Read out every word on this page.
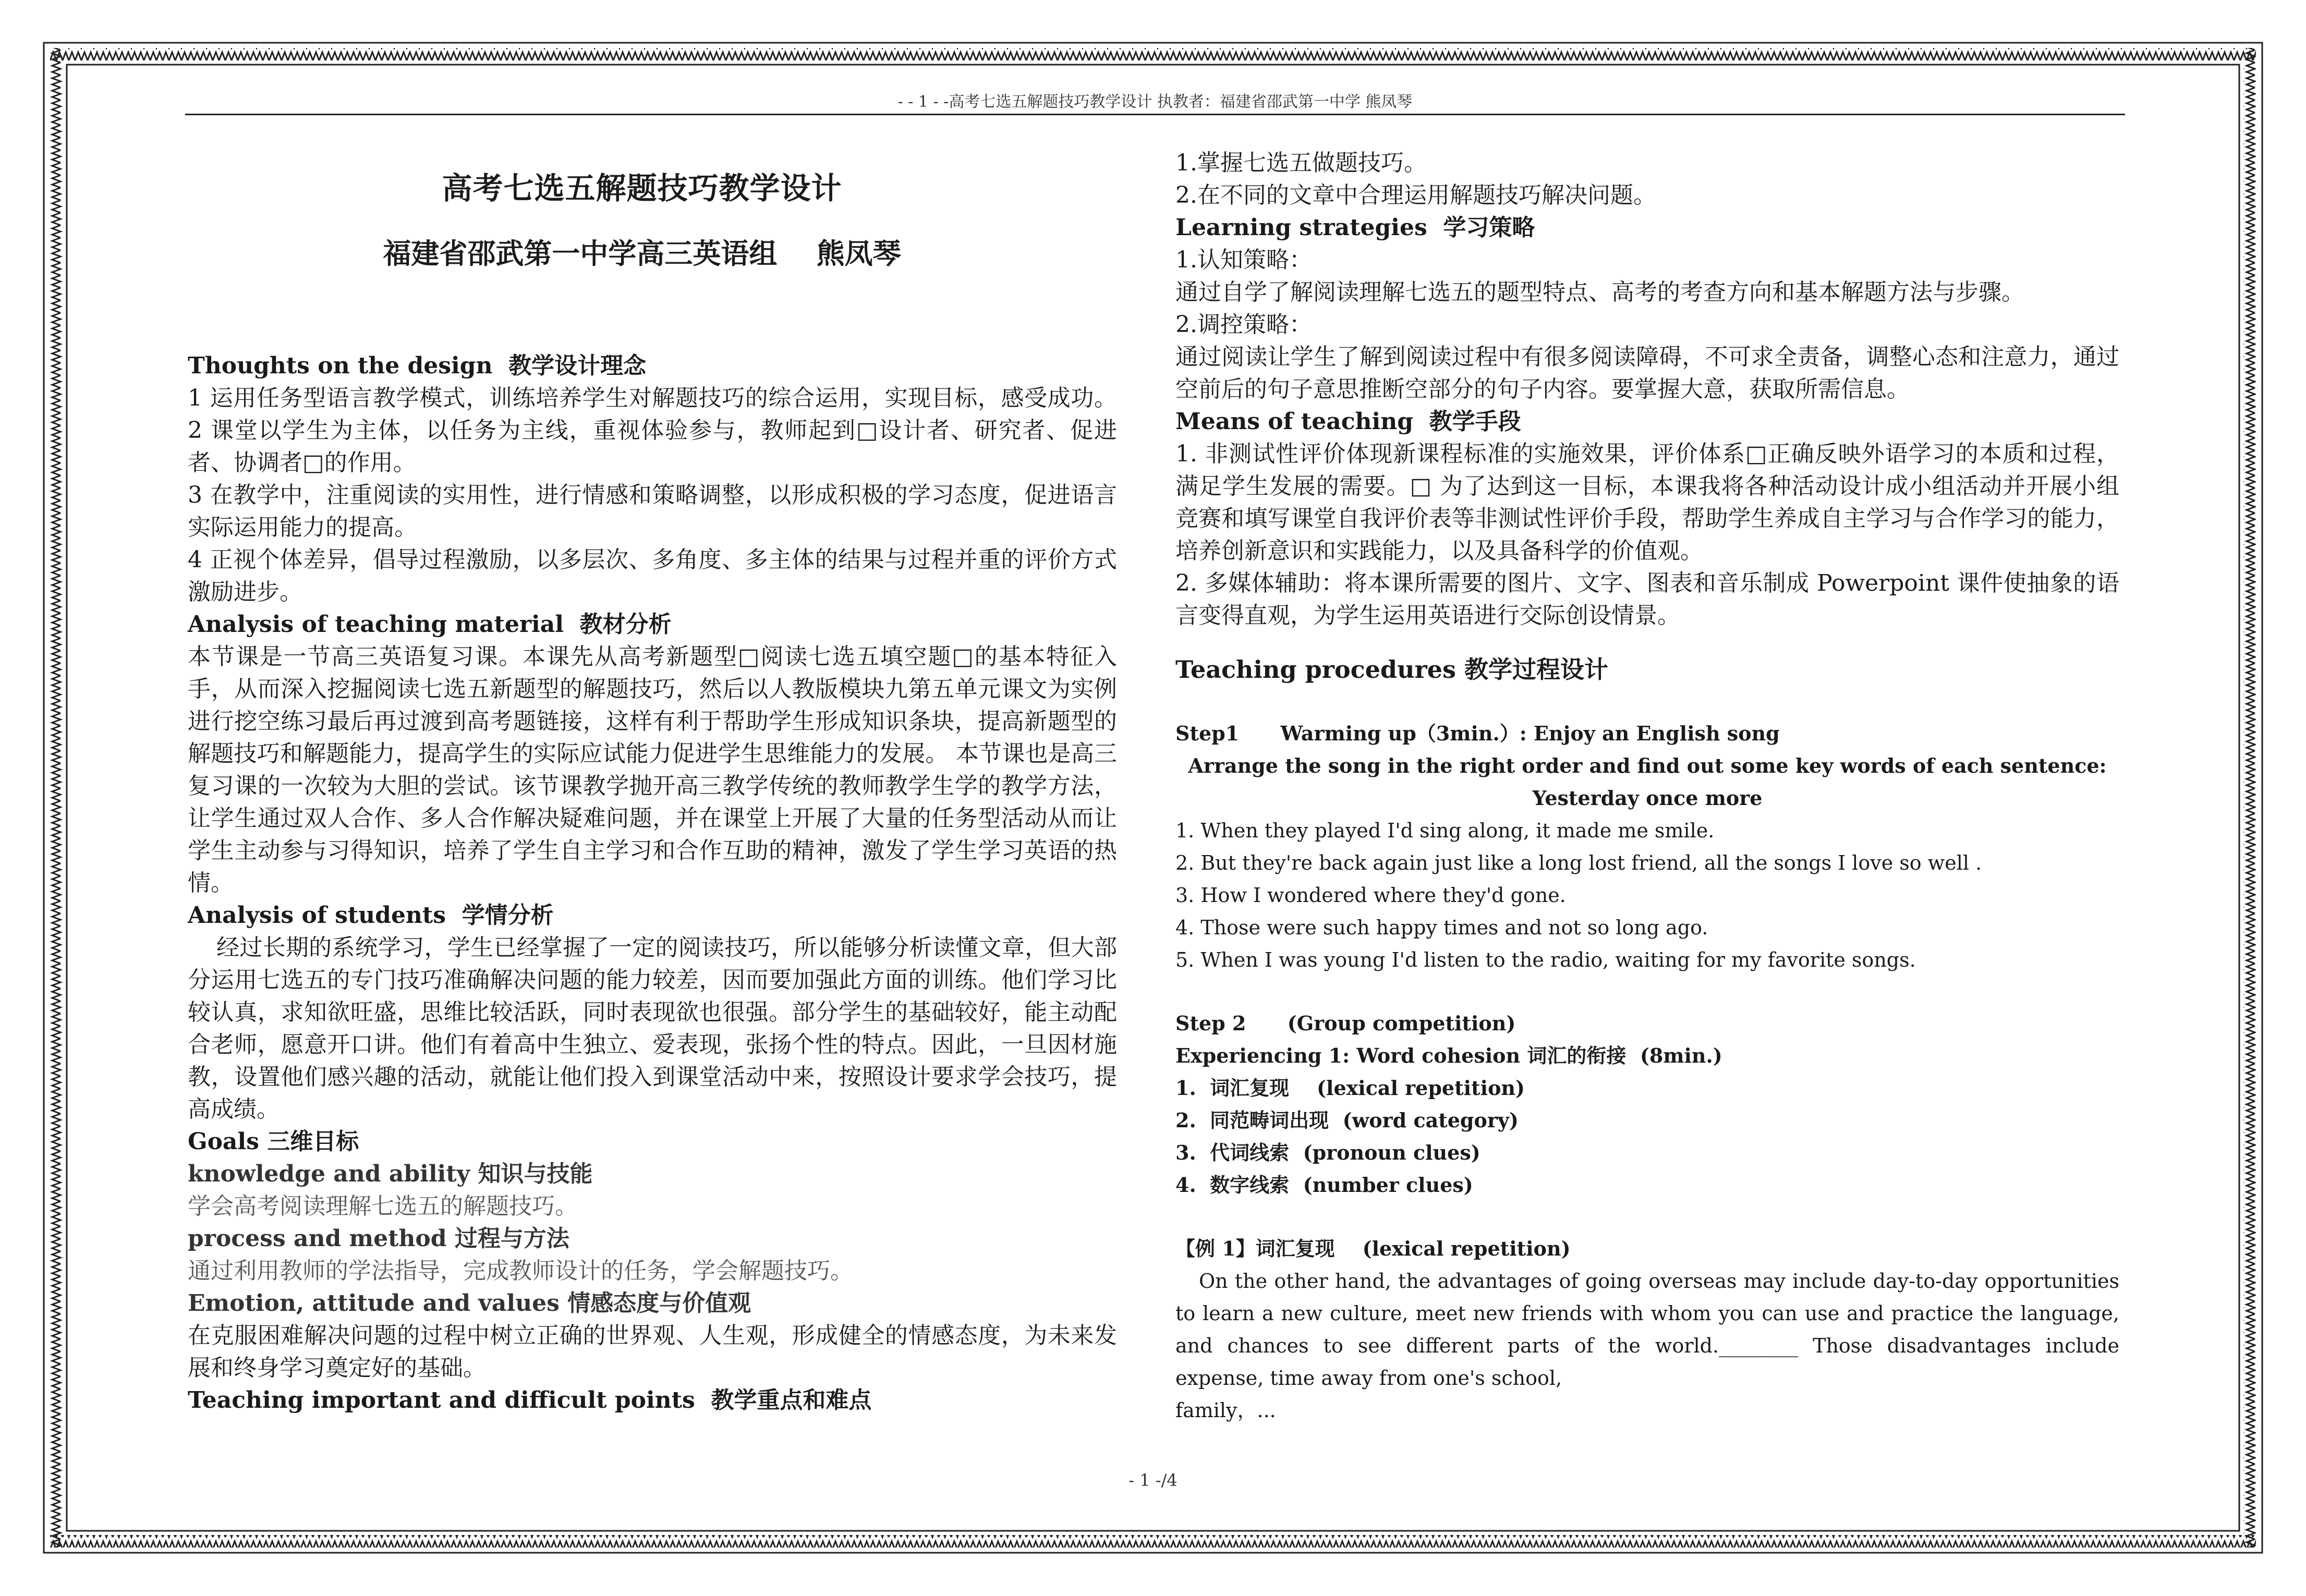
- - 1 - -高考七选五解题技巧教学设计 执教者：福建省邵武第一中学 熊凤琴
高考七选五解题技巧教学设计
福建省邵武第一中学高三英语组    熊凤琴
Thoughts on the design  教学设计理念

1 运用任务型语言教学模式，训练培养学生对解题技巧的综合运用，实现目标，感受成功。2 课堂以学生为主体，以任务为主线，重视体验参与，教师起到□设计者、研究者、促进者、协调者□的作用。

3 在教学中，注重阅读的实用性，进行情感和策略调整，以形成积极的学习态度，促进语言实际运用能力的提高。

4 正视个体差异，倡导过程激励，以多层次、多角度、多主体的结果与过程并重的评价方式激励进步。

Analysis of teaching material  教材分析

本节课是一节高三英语复习课。本课先从高考新题型□阅读七选五填空题□的基本特征入手，从而深入挖掘阅读七选五新题型的解题技巧，然后以人教版模块九第五单元课文为实例进行挖空练习最后再过渡到高考题链接，这样有利于帮助学生形成知识条块，提高新题型的解题技巧和解题能力，提高学生的实际应试能力促进学生思维能力的发展。 本节课也是高三复习课的一次较为大胆的尝试。该节课教学抛开高三教学传统的教师教学生学的教学方法，让学生通过双人合作、多人合作解决疑难问题，并在课堂上开展了大量的任务型活动从而让学生主动参与习得知识，培养了学生自主学习和合作互助的精神，激发了学生学习英语的热情。

Analysis of students  学情分析

经过长期的系统学习，学生已经掌握了一定的阅读技巧，所以能够分析读懂文章，但大部分运用七选五的专门技巧准确解决问题的能力较差，因而要加强此方面的训练。他们学习比较认真，求知欲旺盛，思维比较活跃，同时表现欲也很强。部分学生的基础较好，能主动配合老师，愿意开口讲。他们有着高中生独立、爱表现，张扬个性的特点。因此，一旦因材施教，设置他们感兴趣的活动，就能让他们投入到课堂活动中来，按照设计要求学会技巧，提高成绩。

Goals 三维目标
knowledge and ability 知识与技能

学会高考阅读理解七选五的解题技巧。

process and method 过程与方法

通过利用教师的学法指导，完成教师设计的任务，学会解题技巧。

Emotion, attitude and values 情感态度与价值观

在克服困难解决问题的过程中树立正确的世界观、人生观，形成健全的情感态度，为未来发展和终身学习奠定好的基础。

Teaching important and difficult points  教学重点和难点

1.掌握七选五做题技巧。

2.在不同的文章中合理运用解题技巧解决问题。

Learning strategies  学习策略

1.认知策略：

通过自学了解阅读理解七选五的题型特点、高考的考查方向和基本解题方法与步骤。

2.调控策略：

通过阅读让学生了解到阅读过程中有很多阅读障碍，不可求全责备，调整心态和注意力，通过空前后的句子意思推断空部分的句子内容。要掌握大意，获取所需信息。

Means of teaching  教学手段

1. 非测试性评价体现新课程标准的实施效果，评价体系□正确反映外语学习的本质和过程，满足学生发展的需要。□ 为了达到这一目标，本课我将各种活动设计成小组活动并开展小组竞赛和填写课堂自我评价表等非测试性评价手段，帮助学生养成自主学习与合作学习的能力，培养创新意识和实践能力，以及具备科学的价值观。

2. 多媒体辅助：将本课所需要的图片、文字、图表和音乐制成 Powerpoint 课件使抽象的语言变得直观，为学生运用英语进行交际创设情景。

Teaching procedures 教学过程设计

Step1      Warming up（3min.）: Enjoy an English song

Arrange the song in the right order and find out some key words of each sentence:

Yesterday once more

1. When they played I'd sing along, it made me smile.

2. But they're back again just like a long lost friend, all the songs I love so well .

3. How I wondered where they'd gone.

4. Those were such happy times and not so long ago.

5. When I was young I'd listen to the radio, waiting for my favorite songs.

Step 2      (Group competition)

Experiencing 1: Word cohesion 词汇的衔接  (8min.)

1.  词汇复现    (lexical repetition)

2.  同范畴词出现  (word category)

3.  代词线索  (pronoun clues)

4.  数字线索  (number clues)

【例 1】词汇复现    (lexical repetition)

On the other hand, the advantages of going overseas may include day-to-day opportunities to learn a new culture, meet new friends with whom you can use and practice the language, and chances to see different parts of the world.________ Those disadvantages include expense, time away from one's school,

family，...

- 1 -/4
